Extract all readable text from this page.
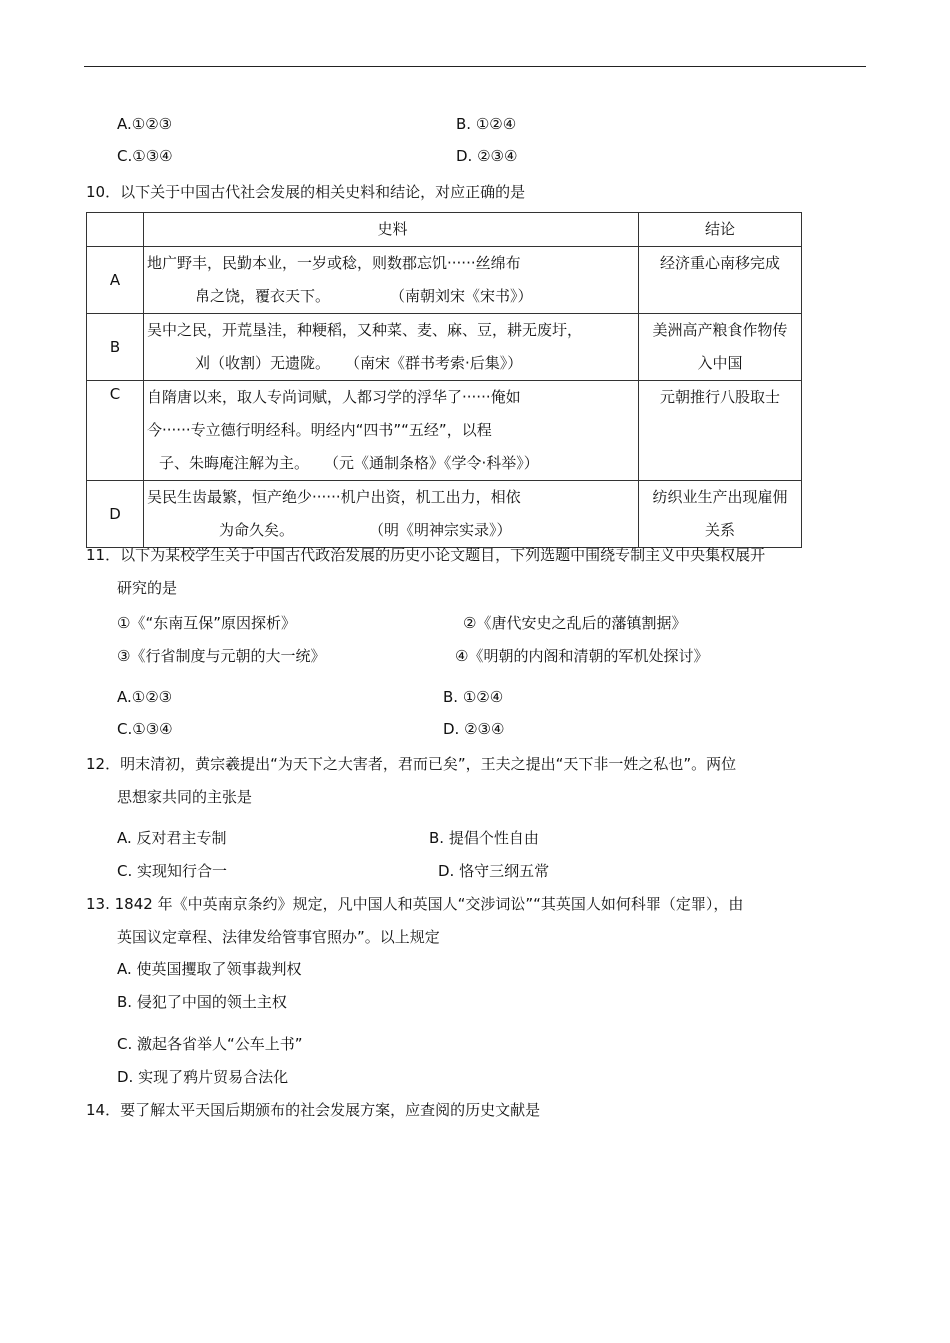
A.①②③	B. ①②④
C.①③④	D. ②③④
10．以下关于中国古代社会发展的相关史料和结论，对应正确的是
	史料	结论
A	地广野丰，民勤本业，一岁或稔，则数郡忘饥······丝绵布
帛之饶，覆衣天下。　　　　　（南朝刘宋《宋书》）	经济重心南移完成

B	吴中之民，开荒垦洼，种粳稻，又种菜、麦、麻、豆，耕无废圩，
刈（收割）无遗陇。　　（南宋《群书考索·后集》）	美洲高产粮食作物传
入中国

C	自隋唐以来，取人专尚词赋，人都习学的浮华了······俺如
今······专立德行明经科。明经内“四书”“五经”，以程
子、朱晦庵注解为主。　　（元《通制条格》《学令·科举》）	元朝推行八股取士

D	吴民生齿最繁，恒产绝少······机户出资，机工出力，相依
为命久矣。　　　　　　（明《明神宗实录》）	纺织业生产出现雇佣
关系
11．以下为某校学生关于中国古代政治发展的历史小论文题目，下列选题中围绕专制主义中央集权展开
研究的是
①《“东南互保”原因探析》	②《唐代安史之乱后的藩镇割据》
③《行省制度与元朝的大一统》	④《明朝的内阁和清朝的军机处探讨》
A.①②③	B. ①②④
C.①③④	D. ②③④
12．明末清初，黄宗羲提出“为天下之大害者，君而已矣”，王夫之提出“天下非一姓之私也”。两位
思想家共同的主张是
A. 反对君主专制	B. 提倡个性自由
C. 实现知行合一	D. 恪守三纲五常
13. 1842 年《中英南京条约》规定，凡中国人和英国人“交涉词讼”“其英国人如何科罪（定罪），由
英国议定章程、法律发给管事官照办”。以上规定
A. 使英国攫取了领事裁判权
B. 侵犯了中国的领土主权
C. 激起各省举人“公车上书”
D. 实现了鸦片贸易合法化
14．要了解太平天国后期颁布的社会发展方案，应查阅的历史文献是
